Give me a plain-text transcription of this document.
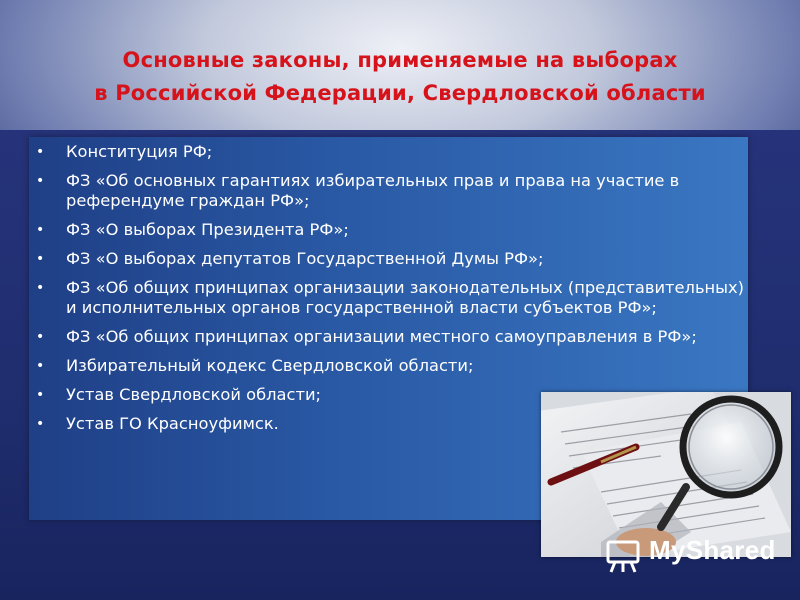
Основные законы, применяемые на выборах
в Российской Федерации, Свердловской области
• Конституция РФ;
• ФЗ «Об основных гарантиях избирательных прав и права на участие в референдуме граждан РФ»;
• ФЗ «О выборах Президента РФ»;
• ФЗ «О выборах депутатов Государственной Думы РФ»;
• ФЗ «Об общих принципах организации законодательных (представительных) и исполнительных органов государственной власти субъектов РФ»;
• ФЗ «Об общих принципах организации местного самоуправления в РФ»;
• Избирательный кодекс Свердловской области;
• Устав Свердловской области;
• Устав ГО Красноуфимск.
MyShared
